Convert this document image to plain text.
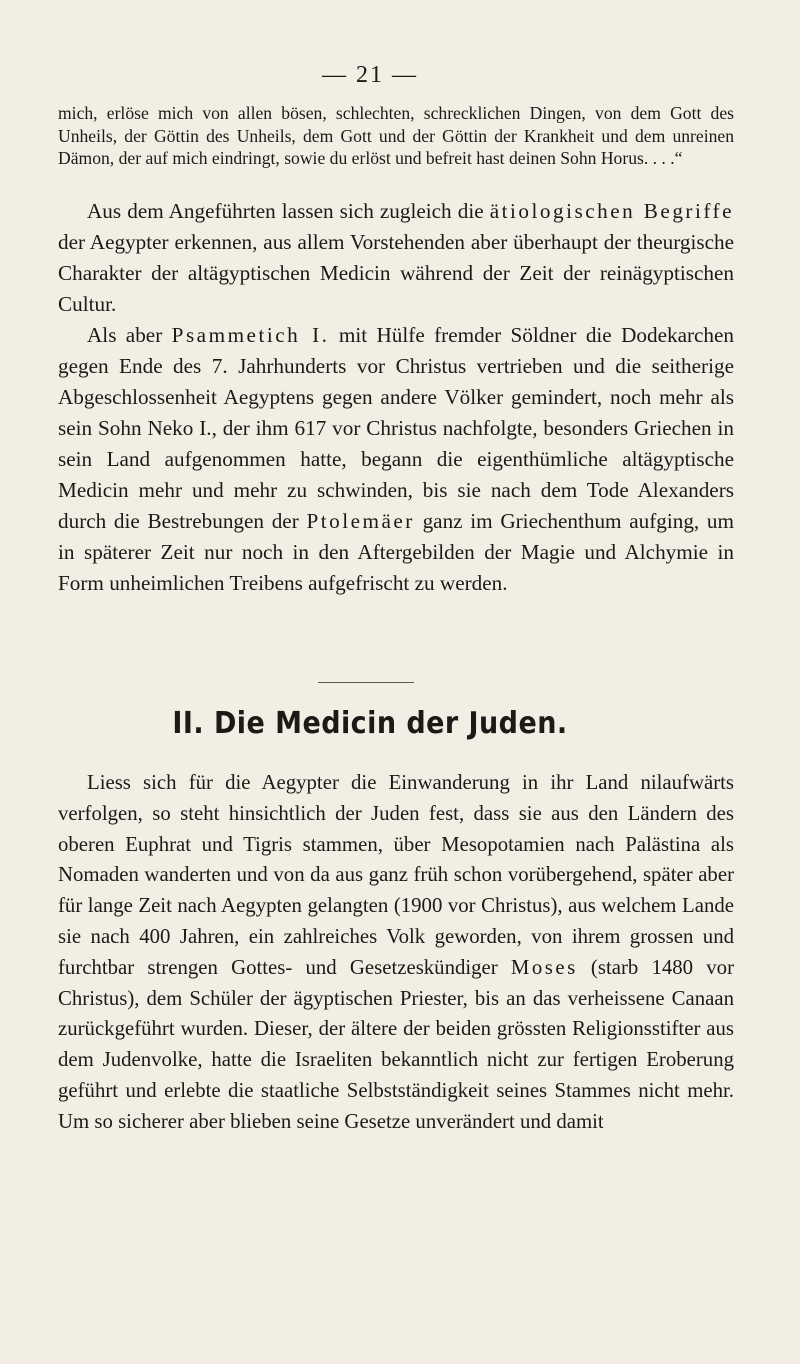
— 21 —

mich, erlöse mich von allen bösen, schlechten, schrecklichen Dingen, von dem Gott des Unheils, der Göttin des Unheils, dem Gott und der Göttin der Krankheit und dem unreinen Dämon, der auf mich eindringt, sowie du erlöst und befreit hast deinen Sohn Horus. . . .“

Aus dem Angeführten lassen sich zugleich die ätiologischen Begriffe der Aegypter erkennen, aus allem Vorstehenden aber überhaupt der theurgische Charakter der altägyptischen Medicin während der Zeit der reinägyptischen Cultur.

Als aber Psammetich I. mit Hülfe fremder Söldner die Dodekarchen gegen Ende des 7. Jahrhunderts vor Christus vertrieben und die seitherige Abgeschlossenheit Aegyptens gegen andere Völker gemindert, noch mehr als sein Sohn Neko I., der ihm 617 vor Christus nachfolgte, besonders Griechen in sein Land aufgenommen hatte, begann die eigenthümliche altägyptische Medicin mehr und mehr zu schwinden, bis sie nach dem Tode Alexanders durch die Bestrebungen der Ptolemäer ganz im Griechenthum aufging, um in späterer Zeit nur noch in den Aftergebilden der Magie und Alchymie in Form unheimlichen Treibens aufgefrischt zu werden.

II. Die Medicin der Juden.

Liess sich für die Aegypter die Einwanderung in ihr Land nilaufwärts verfolgen, so steht hinsichtlich der Juden fest, dass sie aus den Ländern des oberen Euphrat und Tigris stammen, über Mesopotamien nach Palästina als Nomaden wanderten und von da aus ganz früh schon vorübergehend, später aber für lange Zeit nach Aegypten gelangten (1900 vor Christus), aus welchem Lande sie nach 400 Jahren, ein zahlreiches Volk geworden, von ihrem grossen und furchtbar strengen Gottes- und Gesetzeskündiger Moses (starb 1480 vor Christus), dem Schüler der ägyptischen Priester, bis an das verheissene Canaan zurückgeführt wurden. Dieser, der ältere der beiden grössten Religionsstifter aus dem Judenvolke, hatte die Israeliten bekanntlich nicht zur fertigen Eroberung geführt und erlebte die staatliche Selbstständigkeit seines Stammes nicht mehr. Um so sicherer aber blieben seine Gesetze unverändert und damit
